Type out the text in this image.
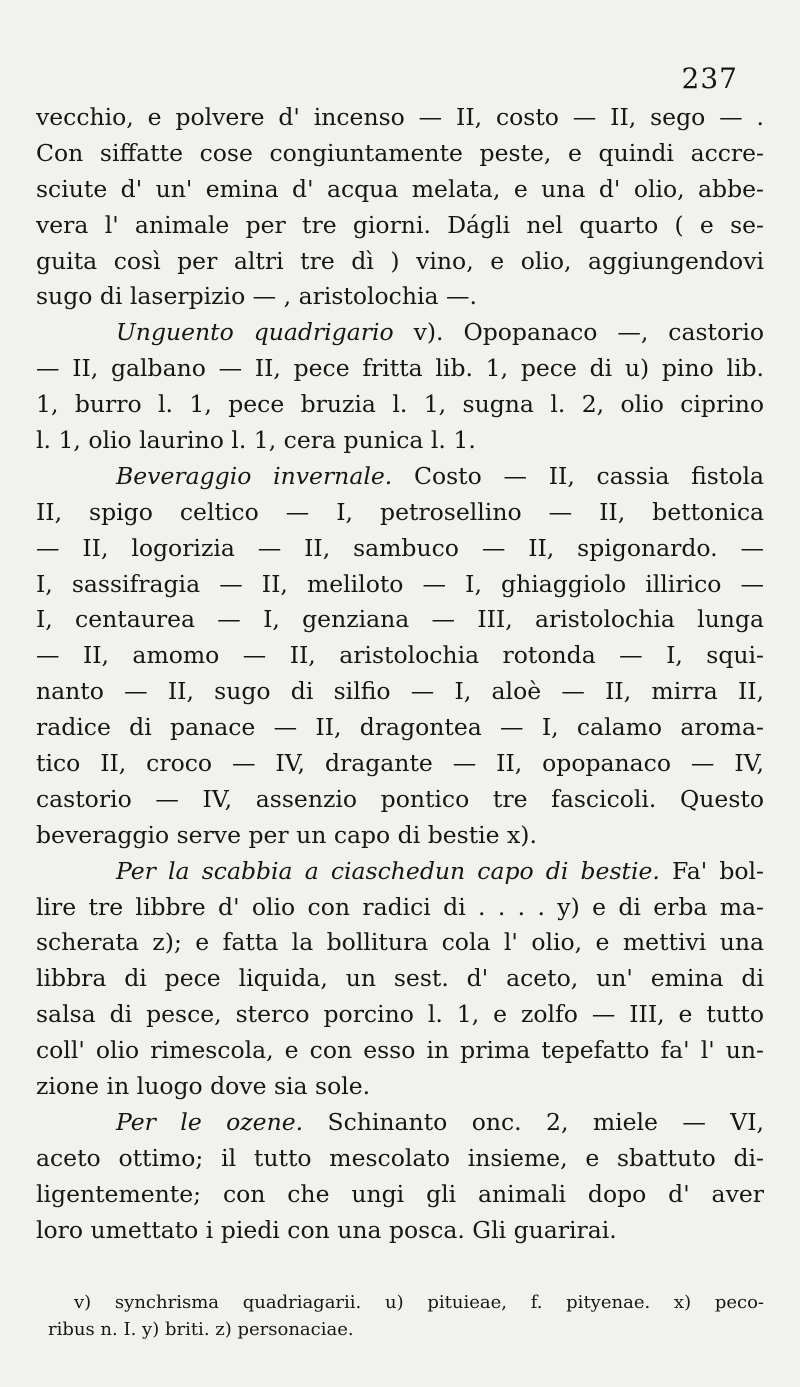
237
vecchio, e polvere d' incenso — II, costo — II, sego — .
Con siffatte cose congiuntamente peste, e quindi accre-
sciute d' un' emina d' acqua melata, e una d' olio, abbe-
vera l' animale per tre giorni. Dágli nel quarto ( e se-
guita così per altri tre dì ) vino, e olio, aggiungendovi
sugo di laserpizio — , aristolochia —.
Unguento quadrigario v). Opopanaco —, castorio
— II, galbano — II, pece fritta lib. 1, pece di u) pino lib.
1, burro l. 1, pece bruzia l. 1, sugna l. 2, olio ciprino
l. 1, olio laurino l. 1, cera punica l. 1.
Beveraggio invernale. Costo — II, cassia fistola
II, spigo celtico — I, petrosellino — II, bettonica
— II, logorizia — II, sambuco — II, spigonardo. —
I, sassifragia — II, meliloto — I, ghiaggiolo illirico —
I, centaurea — I, genziana — III, aristolochia lunga
— II, amomo — II, aristolochia rotonda — I, squi-
nanto — II, sugo di silfio — I, aloè — II, mirra II,
radice di panace — II, dragontea — I, calamo aroma-
tico II, croco — IV, dragante — II, opopanaco — IV,
castorio — IV, assenzio pontico tre fascicoli. Questo
beveraggio serve per un capo di bestie x).
Per la scabbia a ciaschedun capo di bestie. Fa' bol-
lire tre libbre d' olio con radici di . . . . y) e di erba ma-
scherata z); e fatta la bollitura cola l' olio, e mettivi una
libbra di pece liquida, un sest. d' aceto, un' emina di
salsa di pesce, sterco porcino l. 1, e zolfo — III, e tutto
coll' olio rimescola, e con esso in prima tepefatto fa' l' un-
zione in luogo dove sia sole.
Per le ozene. Schinanto onc. 2, miele — VI,
aceto ottimo; il tutto mescolato insieme, e sbattuto di-
ligentemente; con che ungi gli animali dopo d' aver
loro umettato i piedi con una posca. Gli guarirai.
v) synchrisma quadriagarii. u) pituieae, f. pityenae. x) peco-
ribus n. I. y) briti. z) personaciae.
